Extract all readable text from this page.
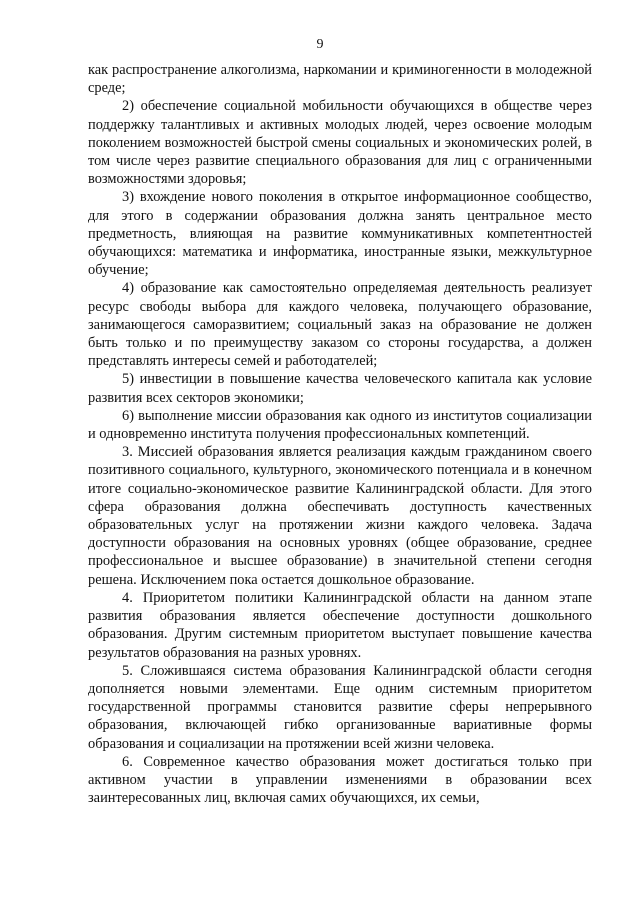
9

как распространение алкоголизма, наркомании и криминогенности в молодежной среде;

2) обеспечение социальной мобильности обучающихся в обществе через поддержку талантливых и активных молодых людей, через освоение молодым поколением возможностей быстрой смены социальных и экономических ролей, в том числе через развитие специального образования для лиц с ограниченными возможностями здоровья;

3) вхождение нового поколения в открытое информационное сообщество, для этого в содержании образования должна занять центральное место предметность, влияющая на развитие коммуникативных компетентностей обучающихся: математика и информатика, иностранные языки, межкультурное обучение;

4) образование как самостоятельно определяемая деятельность реализует ресурс свободы выбора для каждого человека, получающего образование, занимающегося саморазвитием; социальный заказ на образование не должен быть только и по преимуществу заказом со стороны государства, а должен представлять интересы семей и работодателей;

5) инвестиции в повышение качества человеческого капитала как условие развития всех секторов экономики;

6) выполнение миссии образования как одного из институтов социализации и одновременно института получения профессиональных компетенций.

3. Миссией образования является реализация каждым гражданином своего позитивного социального, культурного, экономического потенциала и в конечном итоге социально-экономическое развитие Калининградской области. Для этого сфера образования должна обеспечивать доступность качественных образовательных услуг на протяжении жизни каждого человека. Задача доступности образования на основных уровнях (общее образование, среднее профессиональное и высшее образование) в значительной степени сегодня решена. Исключением пока остается дошкольное образование.

4. Приоритетом политики Калининградской области на данном этапе развития образования является обеспечение доступности дошкольного образования. Другим системным приоритетом выступает повышение качества результатов образования на разных уровнях.

5. Сложившаяся система образования Калининградской области сегодня дополняется новыми элементами. Еще одним системным приоритетом государственной программы становится развитие сферы непрерывного образования, включающей гибко организованные вариативные формы образования и социализации на протяжении всей жизни человека.

6. Современное качество образования может достигаться только при активном участии в управлении изменениями в образовании всех заинтересованных лиц, включая самих обучающихся, их семьи,
